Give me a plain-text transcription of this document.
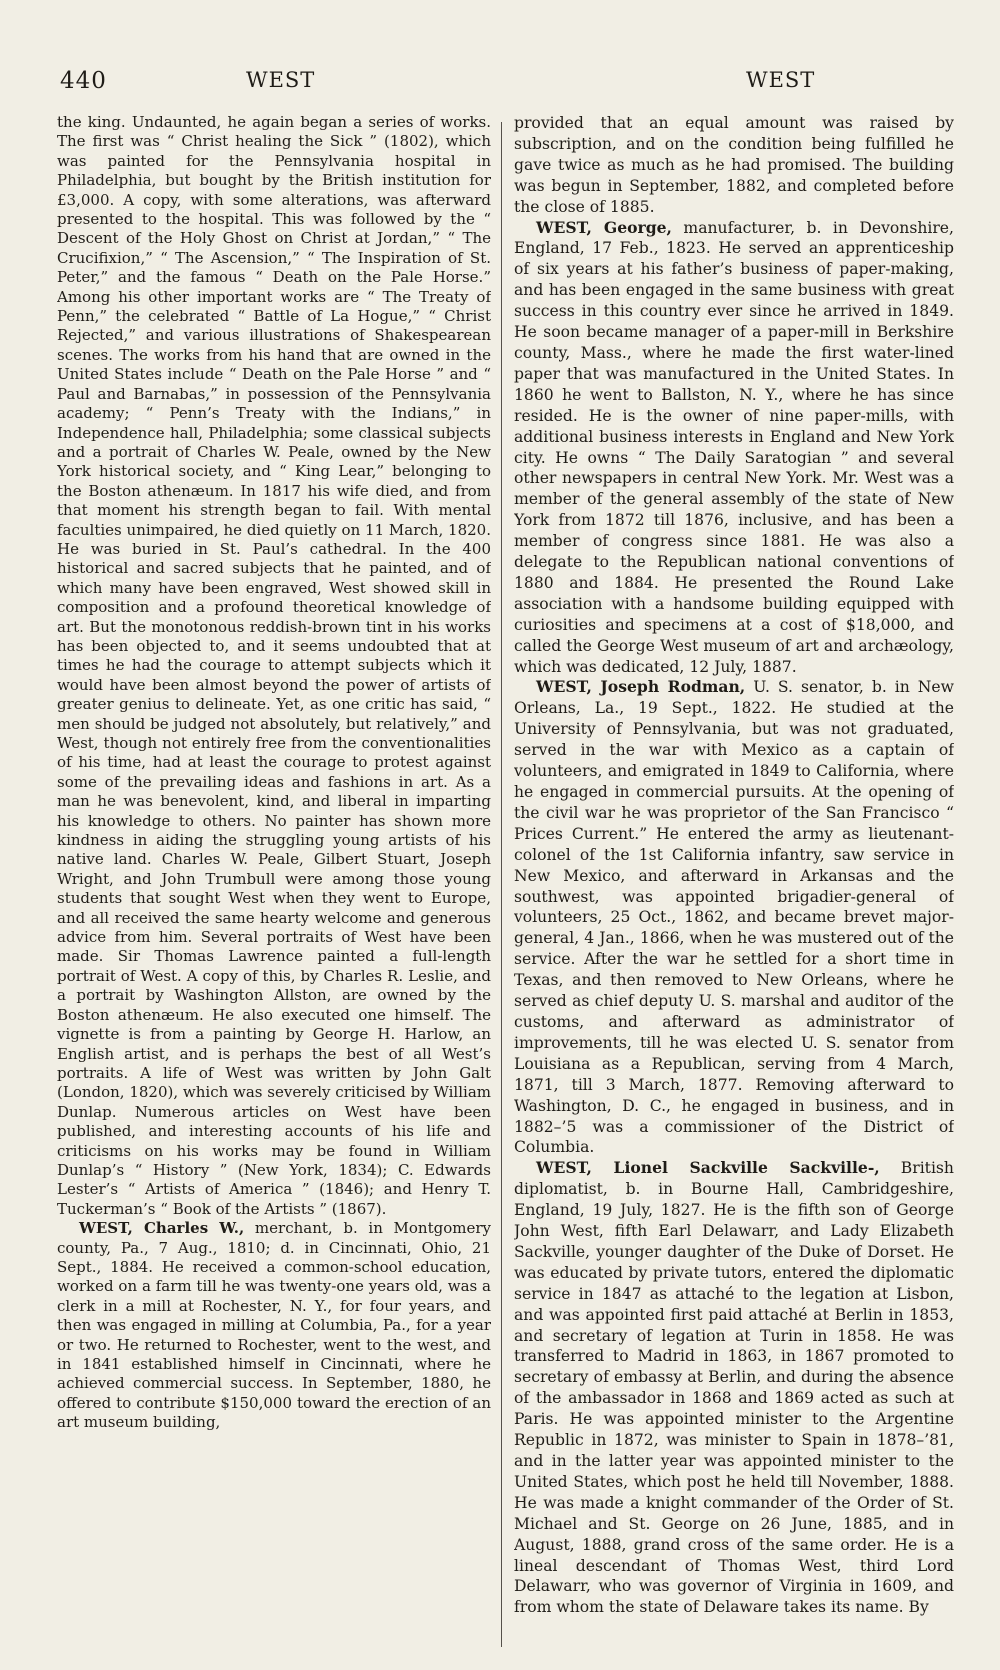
440	WEST	WEST

the king. Undaunted, he again began a series of works. The first was “ Christ healing the Sick ” (1802), which was painted for the Pennsylvania hospital in Philadelphia, but bought by the British institution for £3,000. A copy, with some alterations, was afterward presented to the hospital. This was followed by the “ Descent of the Holy Ghost on Christ at Jordan,” “ The Crucifixion,” “ The Ascension,” “ The Inspiration of St. Peter,” and the famous “ Death on the Pale Horse.” Among his other important works are “ The Treaty of Penn,” the celebrated “ Battle of La Hogue,” “ Christ Rejected,” and various illustrations of Shakespearean scenes. The works from his hand that are owned in the United States include “ Death on the Pale Horse ” and “ Paul and Barnabas,” in possession of the Pennsylvania academy; “ Penn’s Treaty with the Indians,” in Independence hall, Philadelphia; some classical subjects and a portrait of Charles W. Peale, owned by the New York historical society, and “ King Lear,” belonging to the Boston athenæum. In 1817 his wife died, and from that moment his strength began to fail. With mental faculties unimpaired, he died quietly on 11 March, 1820. He was buried in St. Paul’s cathedral. In the 400 historical and sacred subjects that he painted, and of which many have been engraved, West showed skill in composition and a profound theoretical knowledge of art. But the monotonous reddish-brown tint in his works has been objected to, and it seems undoubted that at times he had the courage to attempt subjects which it would have been almost beyond the power of artists of greater genius to delineate. Yet, as one critic has said, “ men should be judged not absolutely, but relatively,” and West, though not entirely free from the conventionalities of his time, had at least the courage to protest against some of the prevailing ideas and fashions in art. As a man he was benevolent, kind, and liberal in imparting his knowledge to others. No painter has shown more kindness in aiding the struggling young artists of his native land. Charles W. Peale, Gilbert Stuart, Joseph Wright, and John Trumbull were among those young students that sought West when they went to Europe, and all received the same hearty welcome and generous advice from him. Several portraits of West have been made. Sir Thomas Lawrence painted a full-length portrait of West. A copy of this, by Charles R. Leslie, and a portrait by Washington Allston, are owned by the Boston athenæum. He also executed one himself. The vignette is from a painting by George H. Harlow, an English artist, and is perhaps the best of all West’s portraits. A life of West was written by John Galt (London, 1820), which was severely criticised by William Dunlap. Numerous articles on West have been published, and interesting accounts of his life and criticisms on his works may be found in William Dunlap’s “ History ” (New York, 1834); C. Edwards Lester’s “ Artists of America ” (1846); and Henry T. Tuckerman’s “ Book of the Artists ” (1867).

WEST, Charles W., merchant, b. in Montgomery county, Pa., 7 Aug., 1810; d. in Cincinnati, Ohio, 21 Sept., 1884. He received a common-school education, worked on a farm till he was twenty-one years old, was a clerk in a mill at Rochester, N. Y., for four years, and then was engaged in milling at Columbia, Pa., for a year or two. He returned to Rochester, went to the west, and in 1841 established himself in Cincinnati, where he achieved commercial success. In September, 1880, he offered to contribute $150,000 toward the erection of an art museum building,

provided that an equal amount was raised by subscription, and on the condition being fulfilled he gave twice as much as he had promised. The building was begun in September, 1882, and completed before the close of 1885.

WEST, George, manufacturer, b. in Devonshire, England, 17 Feb., 1823. He served an apprenticeship of six years at his father’s business of paper-making, and has been engaged in the same business with great success in this country ever since he arrived in 1849. He soon became manager of a paper-mill in Berkshire county, Mass., where he made the first water-lined paper that was manufactured in the United States. In 1860 he went to Ballston, N. Y., where he has since resided. He is the owner of nine paper-mills, with additional business interests in England and New York city. He owns “ The Daily Saratogian ” and several other newspapers in central New York. Mr. West was a member of the general assembly of the state of New York from 1872 till 1876, inclusive, and has been a member of congress since 1881. He was also a delegate to the Republican national conventions of 1880 and 1884. He presented the Round Lake association with a handsome building equipped with curiosities and specimens at a cost of $18,000, and called the George West museum of art and archæology, which was dedicated, 12 July, 1887.

WEST, Joseph Rodman, U. S. senator, b. in New Orleans, La., 19 Sept., 1822. He studied at the University of Pennsylvania, but was not graduated, served in the war with Mexico as a captain of volunteers, and emigrated in 1849 to California, where he engaged in commercial pursuits. At the opening of the civil war he was proprietor of the San Francisco “ Prices Current.” He entered the army as lieutenant-colonel of the 1st California infantry, saw service in New Mexico, and afterward in Arkansas and the southwest, was appointed brigadier-general of volunteers, 25 Oct., 1862, and became brevet major-general, 4 Jan., 1866, when he was mustered out of the service. After the war he settled for a short time in Texas, and then removed to New Orleans, where he served as chief deputy U. S. marshal and auditor of the customs, and afterward as administrator of improvements, till he was elected U. S. senator from Louisiana as a Republican, serving from 4 March, 1871, till 3 March, 1877. Removing afterward to Washington, D. C., he engaged in business, and in 1882–’5 was a commissioner of the District of Columbia.

WEST, Lionel Sackville Sackville-, British diplomatist, b. in Bourne Hall, Cambridgeshire, England, 19 July, 1827. He is the fifth son of George John West, fifth Earl Delawarr, and Lady Elizabeth Sackville, younger daughter of the Duke of Dorset. He was educated by private tutors, entered the diplomatic service in 1847 as attaché to the legation at Lisbon, and was appointed first paid attaché at Berlin in 1853, and secretary of legation at Turin in 1858. He was transferred to Madrid in 1863, in 1867 promoted to secretary of embassy at Berlin, and during the absence of the ambassador in 1868 and 1869 acted as such at Paris. He was appointed minister to the Argentine Republic in 1872, was minister to Spain in 1878–’81, and in the latter year was appointed minister to the United States, which post he held till November, 1888. He was made a knight commander of the Order of St. Michael and St. George on 26 June, 1885, and in August, 1888, grand cross of the same order. He is a lineal descendant of Thomas West, third Lord Delawarr, who was governor of Virginia in 1609, and from whom the state of Delaware takes its name. By
